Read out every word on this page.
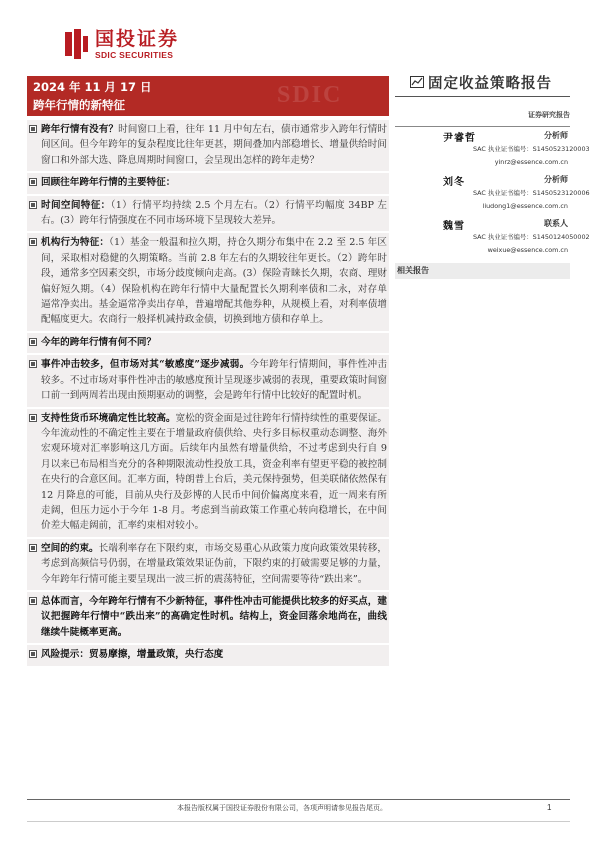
国投证券
SDIC SECURITIES
SDIC
2024 年 11 月 17 日
跨年行情的新特征
固定收益策略报告
跨年行情有没有？时间窗口上看，往年 11 月中旬左右，债市通常步入跨年行情时间区间。但今年跨年的复杂程度比往年更甚，期间叠加内部稳增长、增量供给时间窗口和外部大选、降息周期时间窗口，会呈现出怎样的跨年走势？
回顾往年跨年行情的主要特征：
时间空间特征：（1）行情平均持续 2.5 个月左右。（2）行情平均幅度 34BP 左右。(3）跨年行情强度在不同市场环境下呈现较大差异。
机构行为特征：（1）基金一般温和拉久期，持仓久期分布集中在 2.2 至 2.5 年区间，采取相对稳健的久期策略。当前 2.8 年左右的久期较往年更长。（2）跨年时段，通常多空因素交织，市场分歧度倾向走高。(3）保险青睐长久期，农商、理财偏好短久期。（4）保险机构在跨年行情中大量配置长久期利率债和二永，对存单逼常净卖出。基金逼常净卖出存单，普遍增配其他券种，从规模上看，对利率债增配幅度更大。农商行一般择机减持政金债，切换到地方债和存单上。
今年的跨年行情有何不同？
事件冲击较多，但市场对其“敏感度”逐步减弱。今年跨年行情期间，事件性冲击较多。不过市场对事件性冲击的敏感度预计呈现逐步减弱的表现，重要政策时间窗口前一到两周若出现由预期驱动的调整，会是跨年行情中比较好的配置时机。
支持性货币环境确定性比较高。宽松的资金面是过往跨年行情持续性的重要保证。今年流动性的不确定性主要在于增量政府债供给、央行多目标权重动态调整、海外宏观环境对汇率影响这几方面。后续年内虽然有增量供给，不过考虑到央行自 9 月以来已布局相当充分的各种期限流动性投放工具，资金利率有望更平稳的被控制在央行的合意区间。汇率方面，特朗普上台后，美元保持强势，但美联储依然保有 12 月降息的可能，目前从央行及彭博的人民币中间价偏离度来看，近一周来有所走阔，但压力远小于今年 1-8 月。考虑到当前政策工作重心转向稳增长，在中间价差大幅走阔前，汇率约束相对较小。
空间的约束。长端利率存在下限约束，市场交易重心从政策力度向政策效果转移，考虑到高频信号仍弱，在增量政策效果证伪前，下限约束的打破需要足够的力量，今年跨年行情可能主要呈现出一波三折的震荡特征，空间需要等待“跌出来”。
总体而言，今年跨年行情有不少新特征，事件性冲击可能提供比较多的好买点，建议把握跨年行情中“跌出来”的高确定性时机。结构上，资金回落余地尚在，曲线继续牛陡概率更高。
风险提示：贸易摩擦，增量政策，央行态度
证券研究报告
尹睿哲	分析师
SAC 执业证书编号：S1450523120003
yinrz@essence.com.cn
刘冬	分析师
SAC 执业证书编号：S1450523120006
liudong1@essence.com.cn
魏雪	联系人
SAC 执业证书编号：S1450124050002
weixue@essence.com.cn
相关报告
本报告版权属于国投证券股份有限公司，各项声明请参见报告尾页。	1
